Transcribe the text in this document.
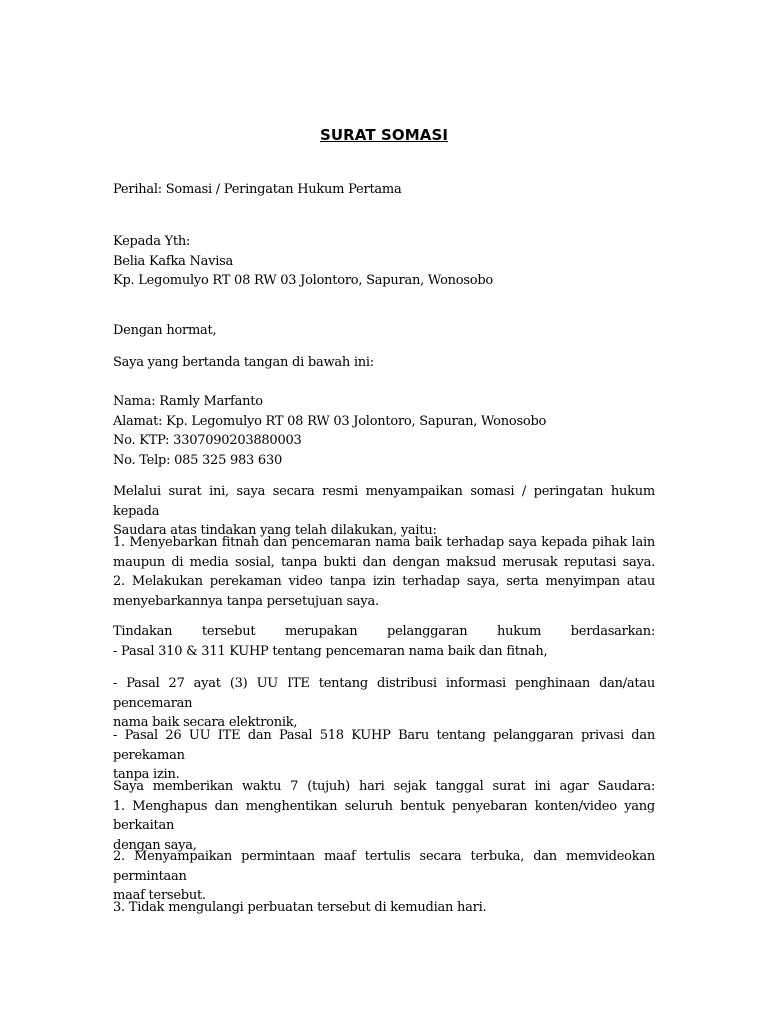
SURAT SOMASI
Perihal: Somasi / Peringatan Hukum Pertama
Kepada Yth:
Belia Kafka Navisa
Kp. Legomulyo RT 08 RW 03 Jolontoro, Sapuran, Wonosobo
Dengan hormat,
Saya yang bertanda tangan di bawah ini:
Nama: Ramly Marfanto
Alamat: Kp. Legomulyo RT 08 RW 03 Jolontoro, Sapuran, Wonosobo
No. KTP: 3307090203880003
No. Telp: 085 325 983 630
Melalui surat ini, saya secara resmi menyampaikan somasi / peringatan hukum kepada
Saudara atas tindakan yang telah dilakukan, yaitu:
1. Menyebarkan fitnah dan pencemaran nama baik terhadap saya kepada pihak lain
maupun di media sosial, tanpa bukti dan dengan maksud merusak reputasi saya.
2. Melakukan perekaman video tanpa izin terhadap saya, serta menyimpan atau
menyebarkannya tanpa persetujuan saya.
Tindakan tersebut merupakan pelanggaran hukum berdasarkan:
- Pasal 310 & 311 KUHP tentang pencemaran nama baik dan fitnah,
- Pasal 27 ayat (3) UU ITE tentang distribusi informasi penghinaan dan/atau pencemaran
nama baik secara elektronik,
- Pasal 26 UU ITE dan Pasal 518 KUHP Baru tentang pelanggaran privasi dan perekaman
tanpa izin.
Saya memberikan waktu 7 (tujuh) hari sejak tanggal surat ini agar Saudara:
1. Menghapus dan menghentikan seluruh bentuk penyebaran konten/video yang berkaitan
dengan saya,
2. Menyampaikan permintaan maaf tertulis secara terbuka, dan memvideokan permintaan
maaf tersebut.
3. Tidak mengulangi perbuatan tersebut di kemudian hari.
